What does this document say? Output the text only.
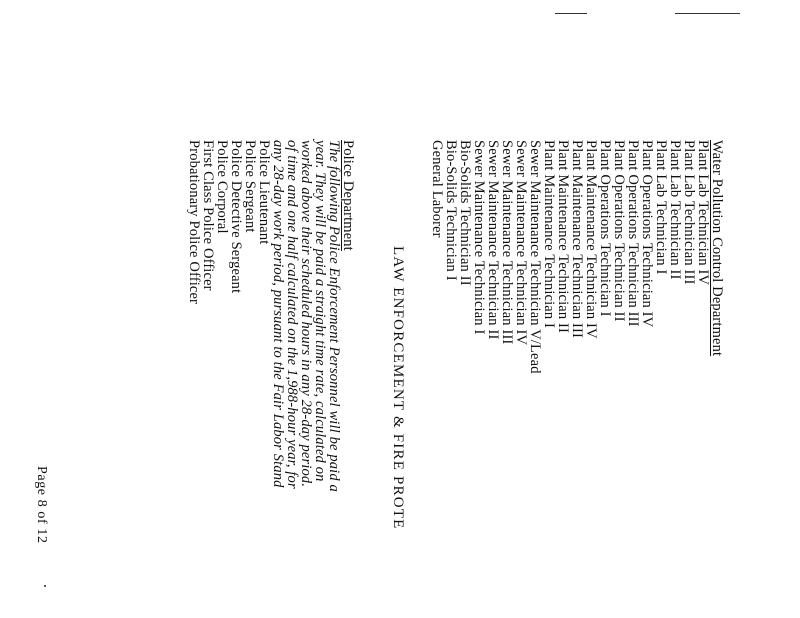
Water Pollution Control Department
Plant Lab Technician IV
Plant Lab Technician III
Plant Lab Technician II
Plant Lab Technician I
Plant Operations Technician IV
Plant Operations Technician III
Plant Operations Technician II
Plant Operations Technician I
Plant Maintenance Technician IV
Plant Maintenance Technician III
Plant Maintenance Technician II
Plant Maintenance Technician I
Sewer Maintenance Technician V/Lead
Sewer Maintenance Technician IV
Sewer Maintenance Technician III
Sewer Maintenance Technician II
Sewer Maintenance Technician I
Bio-Solids Technician II
Bio-Solids Technician I
General Laborer
LAW ENFORCEMENT & FIRE PROTE
Police Department
The following Police Enforcement Personnel will be paid a
year. They will be paid a straight time rate, calculated on
worked above their scheduled hours in any 28-day period.
of time and one half calculated on the 1,988-hour year, for
any 28-day work period, pursuant to the Fair Labor Stand
Police Lieutenant
Police Sergeant
Police Detective Sergeant
Police Corporal
First Class Police Officer
Probationary Police Officer
Page 8 of 12
